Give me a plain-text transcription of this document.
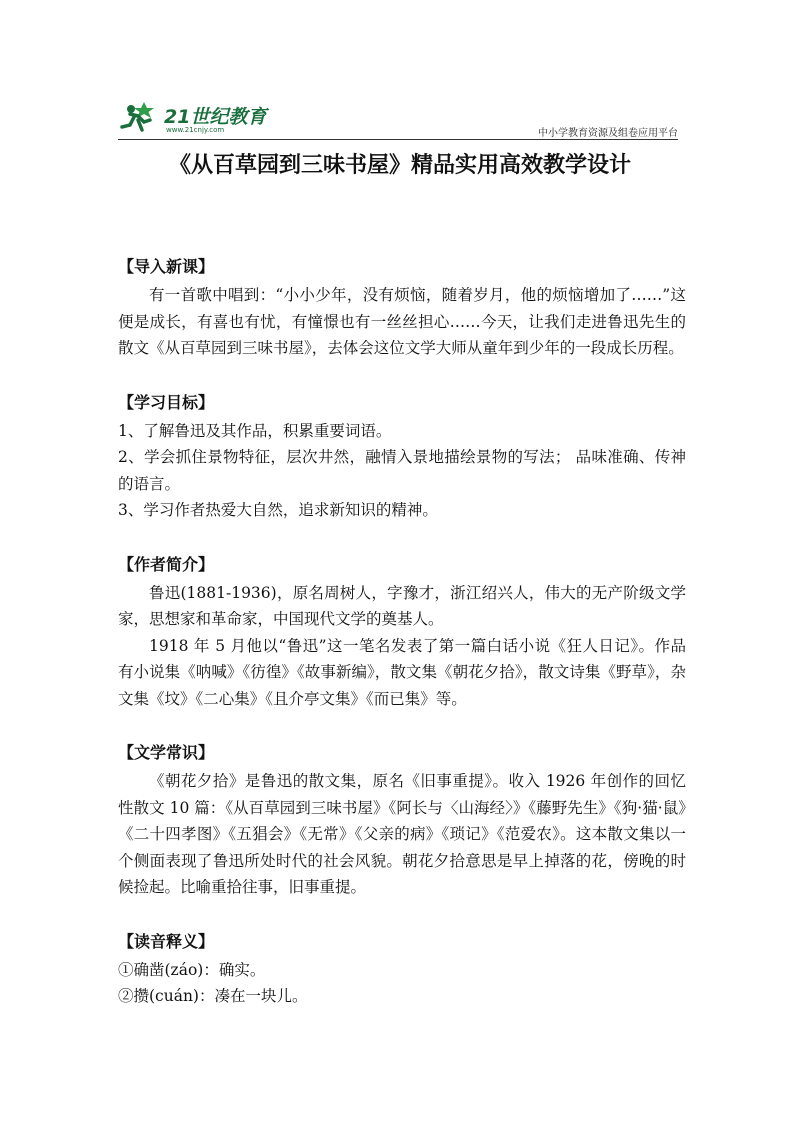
21世纪教育
www.21cnjy.com	中小学教育资源及组卷应用平台
《从百草园到三味书屋》精品实用高效教学设计
【导入新课】

有一首歌中唱到：“小小少年，没有烦恼，随着岁月，他的烦恼增加了……”这便是成长，有喜也有忧，有憧憬也有一丝丝担心……今天，让我们走进鲁迅先生的散文《从百草园到三味书屋》，去体会这位文学大师从童年到少年的一段成长历程。

【学习目标】

1、了解鲁迅及其作品，积累重要词语。

2、学会抓住景物特征，层次井然，融情入景地描绘景物的写法； 品味准确、传神的语言。

3、学习作者热爱大自然，追求新知识的精神。

【作者简介】

鲁迅(1881-1936)，原名周树人，字豫才，浙江绍兴人，伟大的无产阶级文学家，思想家和革命家，中国现代文学的奠基人。

1918 年 5 月他以“鲁迅”这一笔名发表了第一篇白话小说《狂人日记》。作品有小说集《呐喊》《彷徨》《故事新编》，散文集《朝花夕拾》，散文诗集《野草》，杂文集《坟》《二心集》《且介亭文集》《而已集》等。

【文学常识】

《朝花夕拾》是鲁迅的散文集，原名《旧事重提》。收入 1926 年创作的回忆性散文 10 篇：《从百草园到三味书屋》《阿长与〈山海经〉》《藤野先生》《狗·猫·鼠》《二十四孝图》《五猖会》《无常》《父亲的病》《琐记》《范爱农》。这本散文集以一个侧面表现了鲁迅所处时代的社会风貌。朝花夕拾意思是早上掉落的花，傍晚的时候捡起。比喻重拾往事，旧事重提。

【读音释义】

①确凿(záo)：确实。

②攒(cuán)：凑在一块儿。
